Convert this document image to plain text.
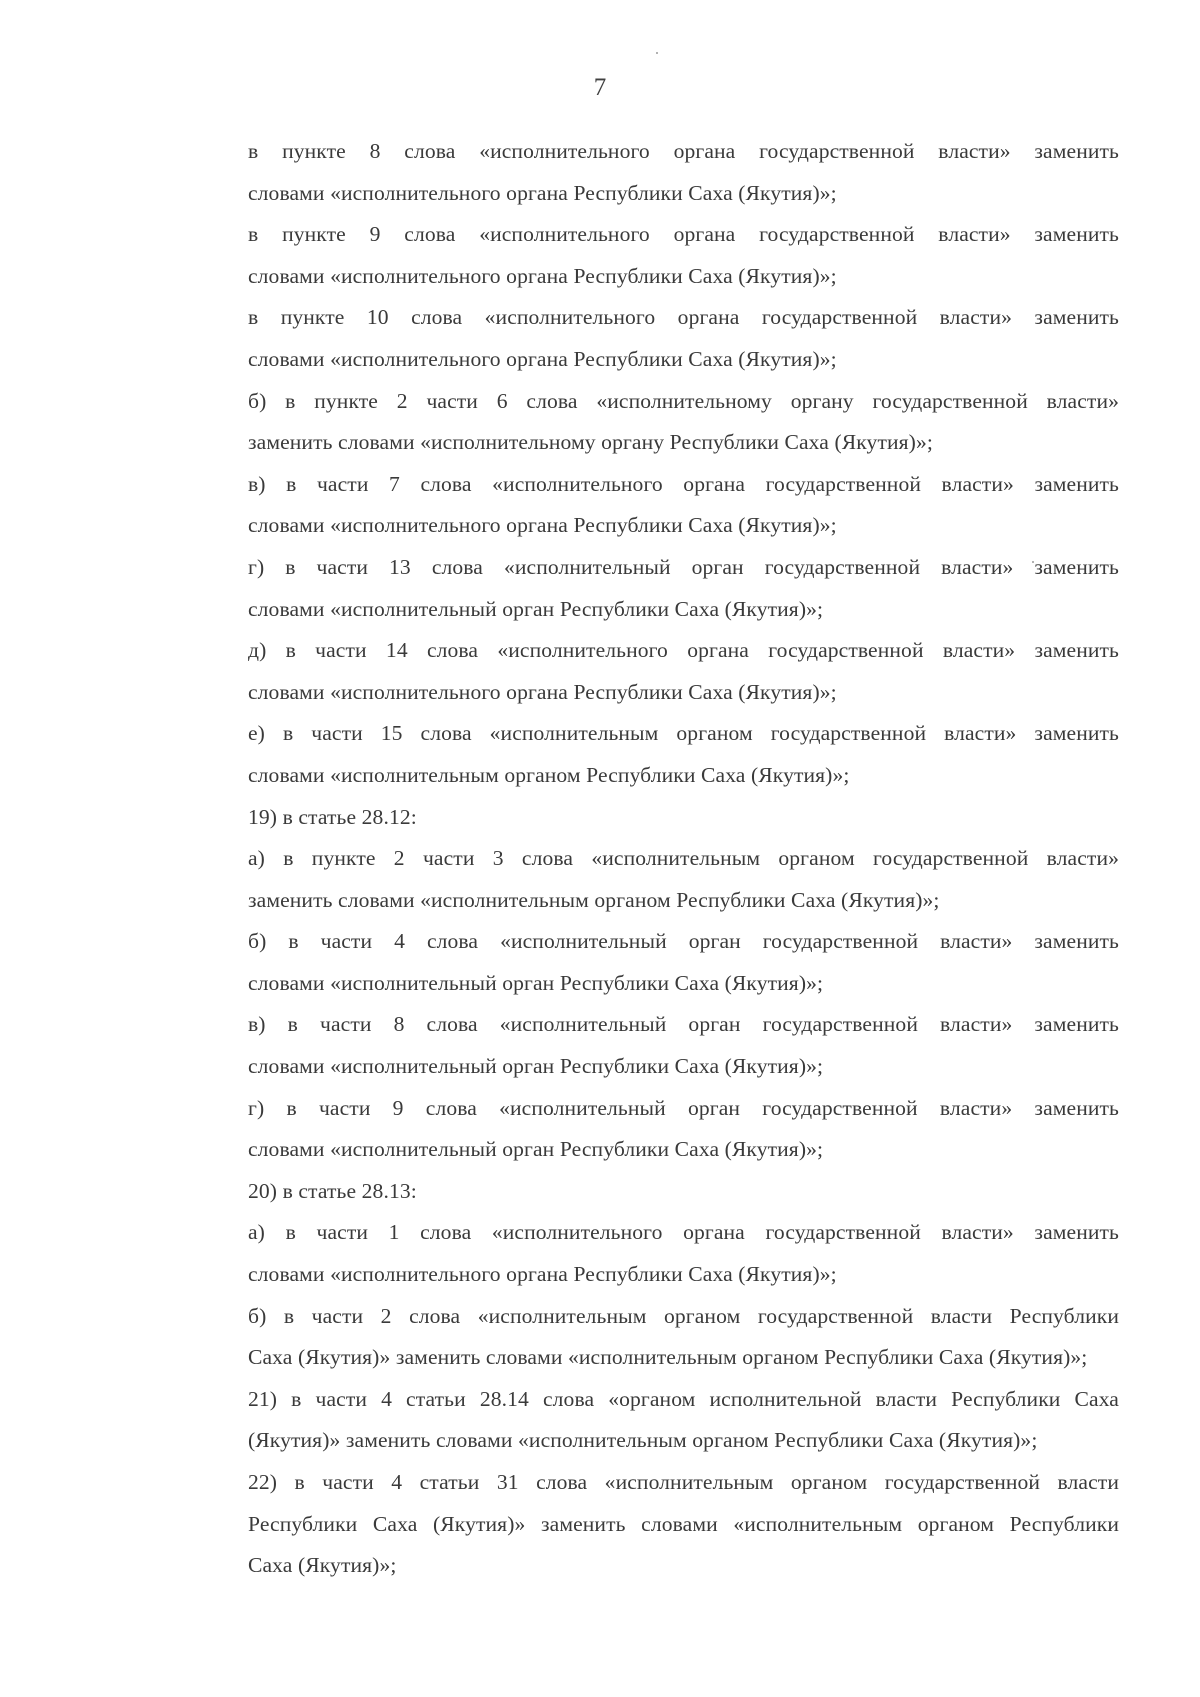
7

в пункте 8 слова «исполнительного органа государственной власти» заменить
словами «исполнительного органа Республики Саха (Якутия)»;

в пункте 9 слова «исполнительного органа государственной власти» заменить
словами «исполнительного органа Республики Саха (Якутия)»;

в пункте 10 слова «исполнительного органа государственной власти» заменить
словами «исполнительного органа Республики Саха (Якутия)»;

б) в пункте 2 части 6 слова «исполнительному органу государственной власти»
заменить словами «исполнительному органу Республики Саха (Якутия)»;

в) в части 7 слова «исполнительного органа государственной власти» заменить
словами «исполнительного органа Республики Саха (Якутия)»;

г) в части 13 слова «исполнительный орган государственной власти» заменить
словами «исполнительный орган Республики Саха (Якутия)»;

д) в части 14 слова «исполнительного органа государственной власти» заменить
словами «исполнительного органа Республики Саха (Якутия)»;

е) в части 15 слова «исполнительным органом государственной власти» заменить
словами «исполнительным органом Республики Саха (Якутия)»;

19) в статье 28.12:

а) в пункте 2 части 3 слова «исполнительным органом государственной власти»
заменить словами «исполнительным органом Республики Саха (Якутия)»;

б) в части 4 слова «исполнительный орган государственной власти» заменить
словами «исполнительный орган Республики Саха (Якутия)»;

в) в части 8 слова «исполнительный орган государственной власти» заменить
словами «исполнительный орган Республики Саха (Якутия)»;

г) в части 9 слова «исполнительный орган государственной власти» заменить
словами «исполнительный орган Республики Саха (Якутия)»;

20) в статье 28.13:

а) в части 1 слова «исполнительного органа государственной власти» заменить
словами «исполнительного органа Республики Саха (Якутия)»;

б) в части 2 слова «исполнительным органом государственной власти Республики
Саха (Якутия)» заменить словами «исполнительным органом Республики Саха (Якутия)»;

21) в части 4 статьи 28.14 слова «органом исполнительной власти Республики Саха
(Якутия)» заменить словами «исполнительным органом Республики Саха (Якутия)»;

22) в части 4 статьи 31 слова «исполнительным органом государственной власти
Республики Саха (Якутия)» заменить словами «исполнительным органом Республики
Саха (Якутия)»;
